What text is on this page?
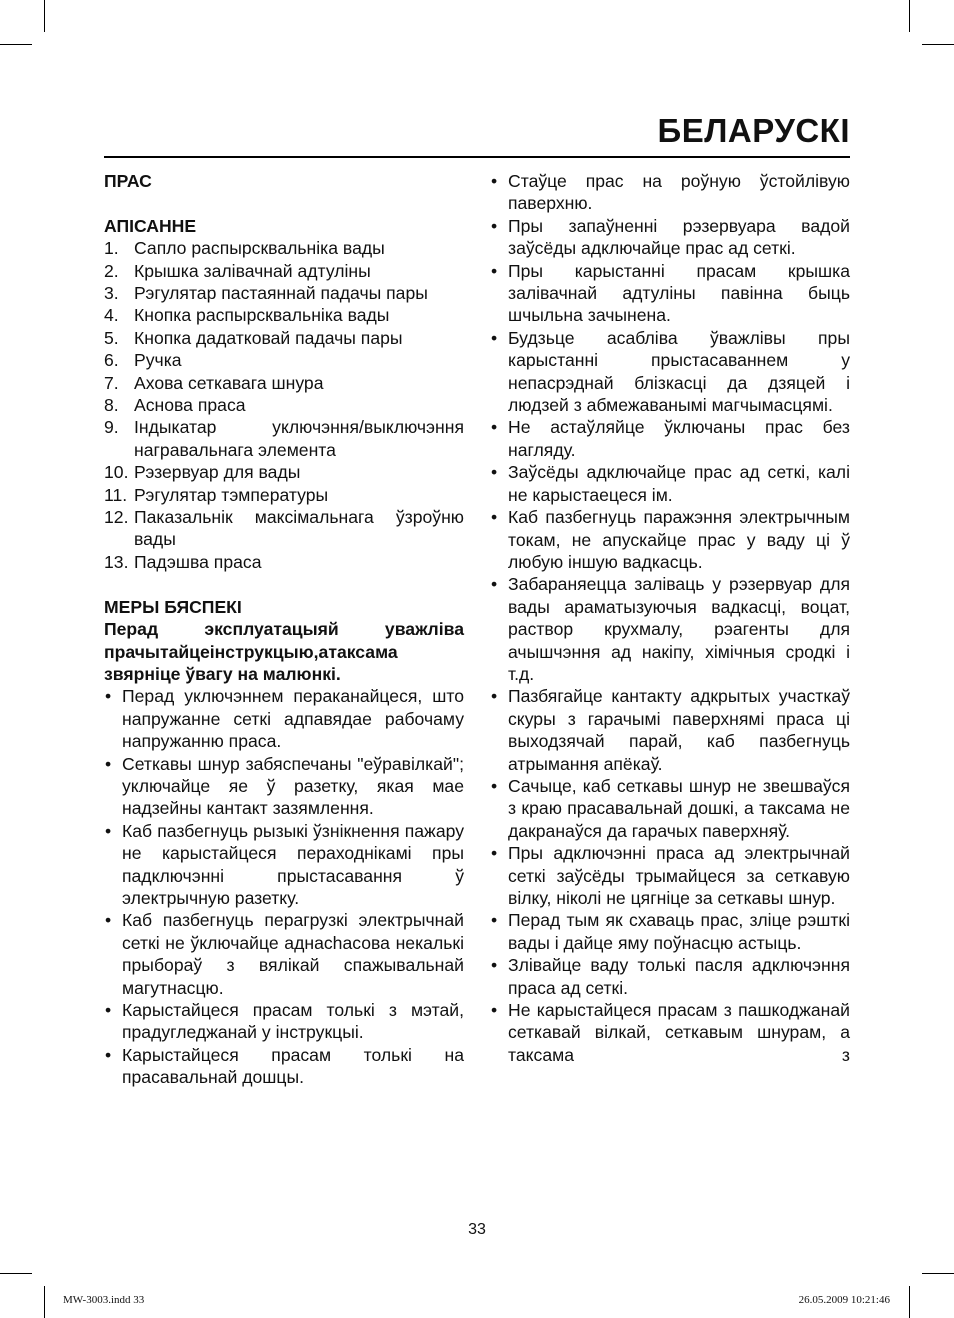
БЕЛАРУСКІ

ПРАС

АПІСАННЕ

1. Сапло распырсквальніка вады
2. Крышка залівачнай адтуліны
3. Рэгулятар пастаяннай падачы пары
4. Кнопка распырсквальніка вады
5. Кнопка дадатковай падачы пары
6. Ручка
7. Ахова сеткавага шнура
8. Аснова праса
9. Індыкатар уключэння/выключэння награвальнага элемента
10. Рэзервуар для вады
11. Рэгулятар тэмпературы
12. Паказальнік максімальнага ўзроўню вады
13. Падэшва праса

МЕРЫ БЯСПЕКІ

Перад эксплуатацыяй уважліва прачытайцеінструкцыю,атаксама звярніце ўвагу на малюнкі.

• Перад уключэннем пераканайцеся, што напружанне сеткі адпавядае рабочаму напружанню праса.
• Сеткавы шнур забяспечаны "еўравілкай"; уключайце яе ў разетку, якая мае надзейны кантакт зазямлення.
• Каб пазбегнуць рызыкі ўзнікнення пажару не карыстайцеся пераходнікамі пры падключэнні прыстасавання ў электрычную разетку.
• Каб пазбегнуць перагрузкі электрычнай сеткі не ўключайце аднachасова некалькі прыбораў з вялікай спажывальнай магутнасцю.
• Карыстайцеся прасам толькі з мэтай, прадугледжанай у інструкцыі.
• Карыстайцеся прасам толькі на прасавальнай дошцы.
• Стаўце прас на роўную ўстойлівую паверхню.
• Пры запаўненні рэзервуара вадой заўсёды адключайце прас ад сеткі.
• Пры карыстанні прасам крышка залівачнай адтуліны павінна быць шчыльна зачынена.
• Будзьце асабліва ўважлівы пры карыстанні прыстасаваннем у непасрэднай блізкасці да дзяцей і людзей з абмежаванымі магчымасцямі.
• Не астаўляйце ўключаны прас без нагляду.
• Заўсёды адключайце прас ад сеткі, калі не карыстаецеся ім.
• Каб пазбегнуць паражэння электрычным токам, не апускайце прас у ваду ці ў любую іншую вадкасць.
• Забараняецца заліваць у рэзервуар для вады араматызуючыя вадкасці, воцат, раствор крухмалу, рэагенты для ачышчэння ад накіпу, хімічныя сродкі і т.д.
• Пазбягайце кантакту адкрытых участкаў скуры з гарачымі паверхнямі праса ці выходзячай парай, каб пазбегнуць атрымання апёкаў.
• Сачыце, каб сеткавы шнур не звешваўся з краю прасавальнай дошкі, а таксама не дакранаўся да гарачых паверхняў.
• Пры адключэнні праса ад электрычнай сеткі заўсёды трымайцеся за сеткавую вілку, ніколі не цягніце за сеткавы шнур.
• Перад тым як схаваць прас, зліце рэшткі вады і дайце яму поўнасцю астыць.
• Злівайце ваду толькі пасля адключэння праса ад сеткі.
• Не карыстайцеся прасам з пашкоджанай сеткавай вілкай, сеткавым шнурам, а таксама з
33
MW-3003.indd 33	26.05.2009 10:21:46
